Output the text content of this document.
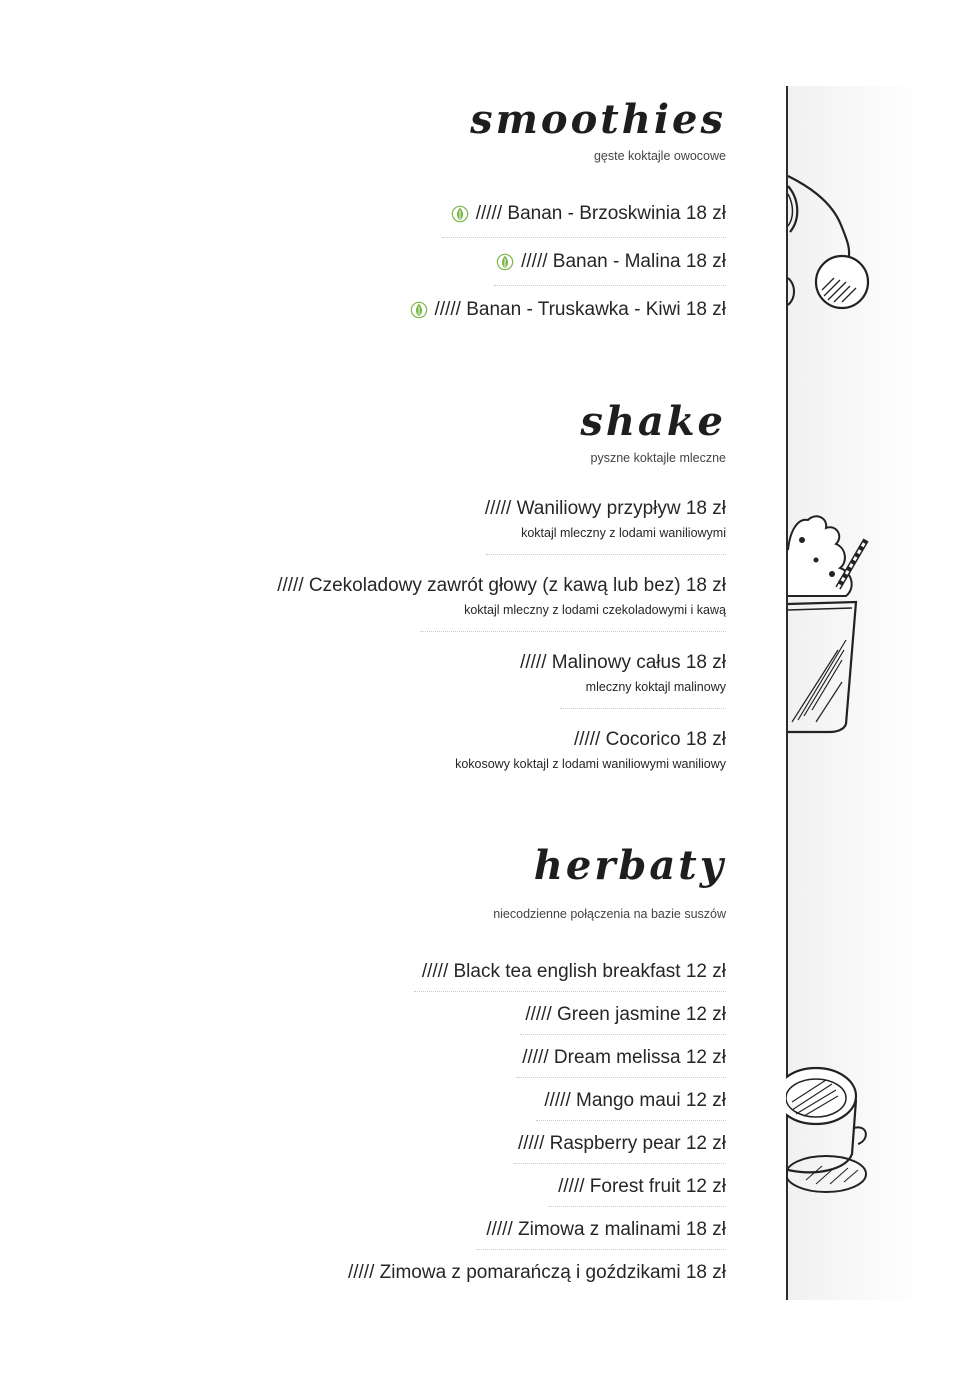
smoothies
gęste koktajle owocowe
///// Banan - Brzoskwinia 18 zł
///// Banan - Malina 18 zł
///// Banan - Truskawka - Kiwi 18 zł
shake
pyszne koktajle mleczne
///// Waniliowy przypływ 18 zł
koktajl mleczny z lodami waniliowymi
///// Czekoladowy zawrót głowy (z kawą lub bez) 18 zł
koktajl mleczny z lodami czekoladowymi i kawą
///// Malinowy całus 18 zł
mleczny koktajl malinowy
///// Cocorico 18 zł
kokosowy koktajl z lodami waniliowymi waniliowy
herbaty
niecodzienne połączenia na bazie suszów
///// Black tea english breakfast 12 zł
///// Green jasmine 12 zł
///// Dream melissa 12 zł
///// Mango maui 12 zł
///// Raspberry pear 12 zł
///// Forest fruit 12 zł
///// Zimowa z malinami 18 zł
///// Zimowa z pomarańczą i goździkami 18 zł
